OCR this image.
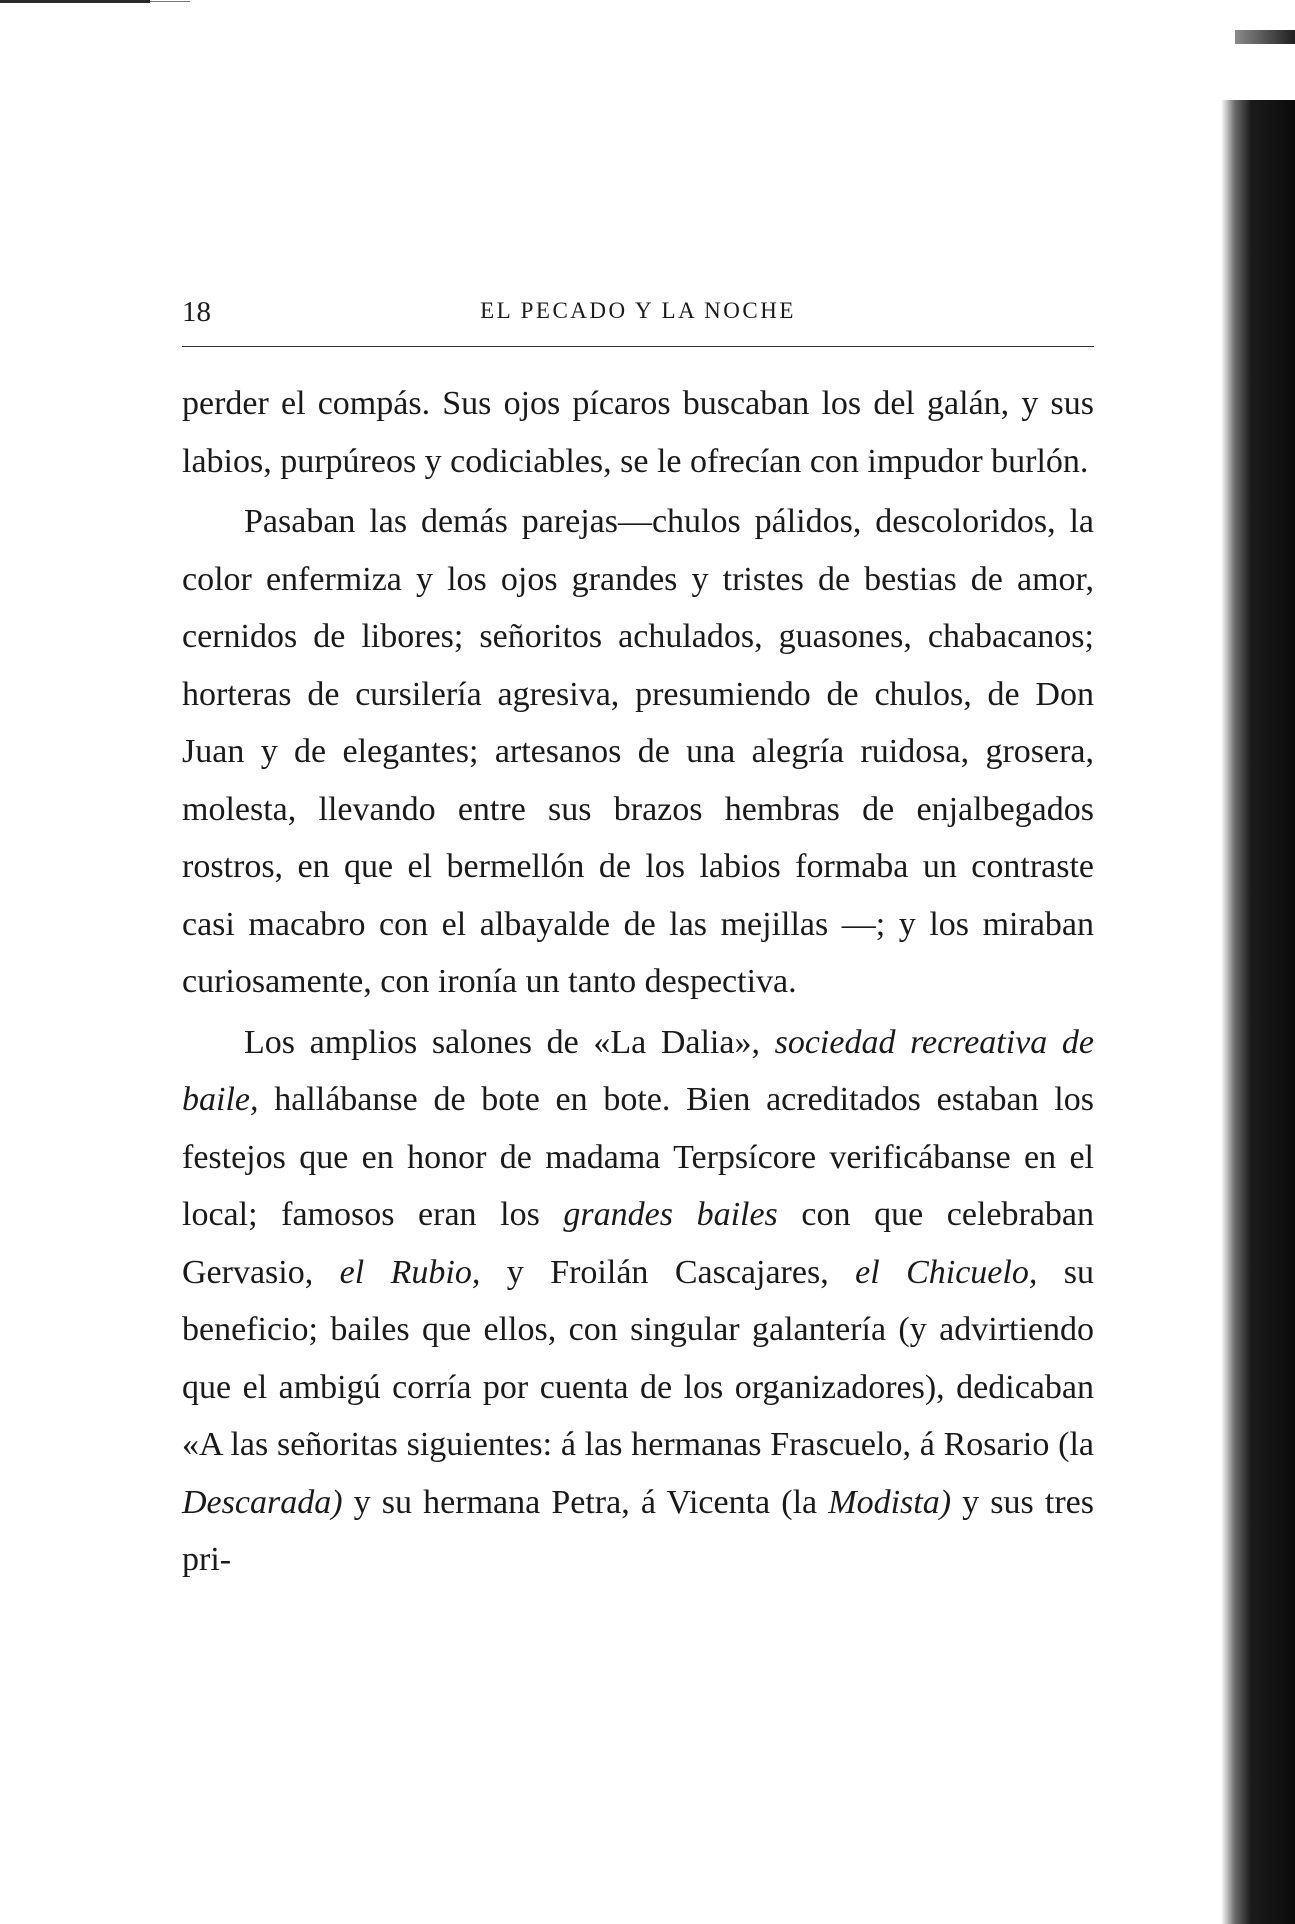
18	EL PECADO Y LA NOCHE

perder el compás. Sus ojos pícaros buscaban los del galán, y sus labios, purpúreos y codiciables, se le ofrecían con impudor burlón.

Pasaban las demás parejas—chulos pálidos, descoloridos, la color enfermiza y los ojos grandes y tristes de bestias de amor, cernidos de libores; señoritos achulados, guasones, chabacanos; horteras de cursilería agresiva, presumiendo de chulos, de Don Juan y de elegantes; artesanos de una alegría ruidosa, grosera, molesta, llevando entre sus brazos hembras de enjalbegados rostros, en que el bermellón de los labios formaba un contraste casi macabro con el albayalde de las mejillas —; y los miraban curiosamente, con ironía un tanto despectiva.

Los amplios salones de «La Dalia», sociedad recreativa de baile, hallábanse de bote en bote. Bien acreditados estaban los festejos que en honor de madama Terpsícore verificábanse en el local; famosos eran los grandes bailes con que celebraban Gervasio, el Rubio, y Froilán Cascajares, el Chicuelo, su beneficio; bailes que ellos, con singular galantería (y advirtiendo que el ambigú corría por cuenta de los organizadores), dedicaban «A las señoritas siguientes: á las hermanas Frascuelo, á Rosario (la Descarada) y su hermana Petra, á Vicenta (la Modista) y sus tres pri-
